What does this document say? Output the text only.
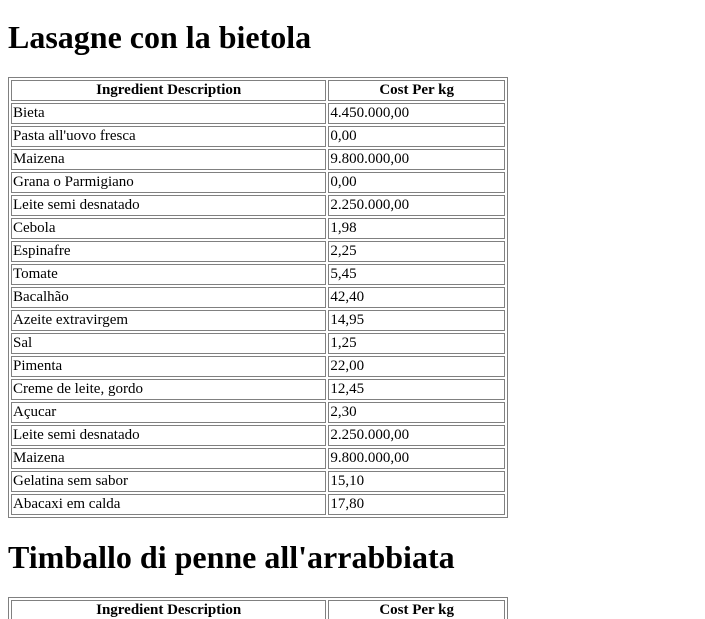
Lasagne con la bietola
Ingredient Description	Cost Per kg
Bieta	4.450.000,00
Pasta all'uovo fresca	0,00
Maizena	9.800.000,00
Grana o Parmigiano	0,00
Leite semi desnatado	2.250.000,00
Cebola	1,98
Espinafre	2,25
Tomate	5,45
Bacalhão	42,40
Azeite extravirgem	14,95
Sal	1,25
Pimenta	22,00
Creme de leite, gordo	12,45
Açucar	2,30
Leite semi desnatado	2.250.000,00
Maizena	9.800.000,00
Gelatina sem sabor	15,10
Abacaxi em calda	17,80
Timballo di penne all'arrabbiata
Ingredient Description	Cost Per kg
